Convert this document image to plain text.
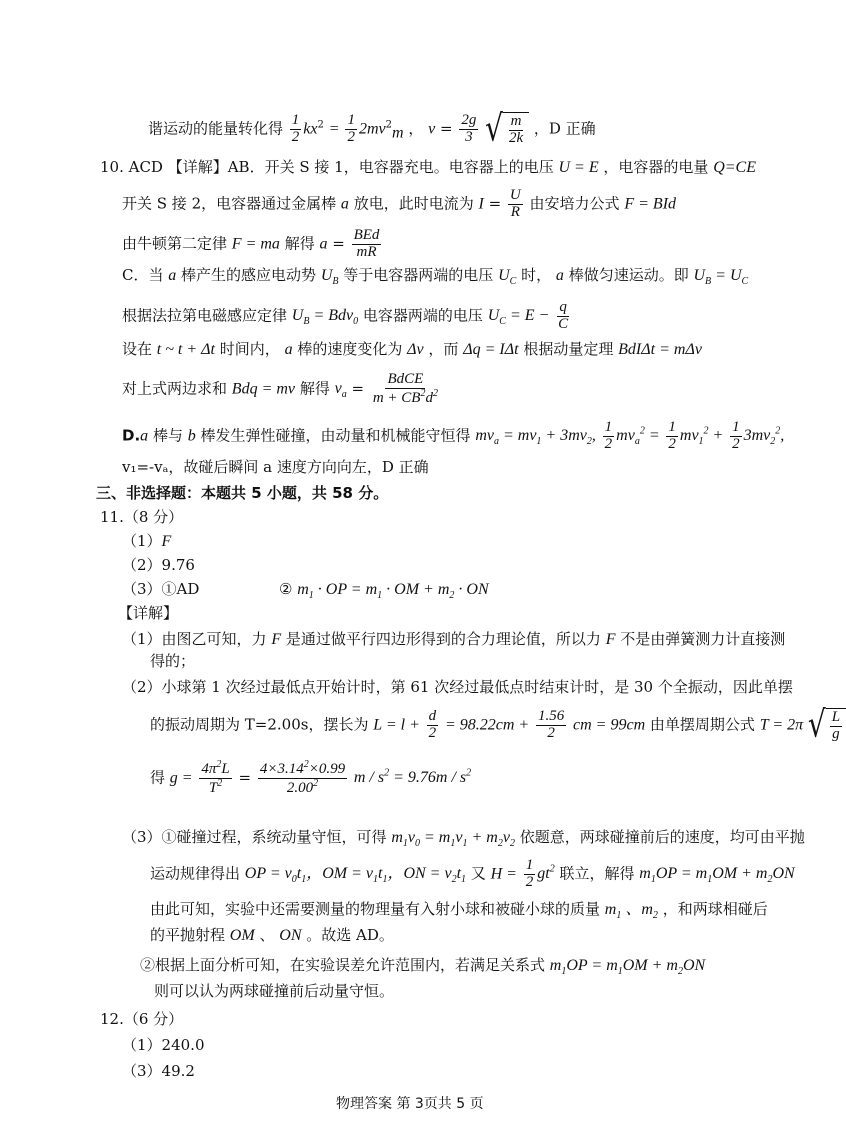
谐运动的能量转化得 $\frac{1}{2} kx^2 = \frac{1}{2} 2mv^2_m$ ， $v = \frac{2g}{3}$
√ $\frac{m}{2k}$ ，D 正确
10. ACD 【详解】AB．开关 S 接 1，电容器充电。电容器上的电压 U = E ，电容器的电量 Q=CE
开关 S 接 2，电容器通过金属棒 a 放电，此时电流为 $I = \frac{U}{R}$ 由安培力公式 F = BId
由牛顿第二定律 F = ma 解得 $a = \frac{\text{BEd}}{mR}$
C．当 a 棒产生的感应电动势 $U_B$ 等于电容器两端的电压 $U_C$ 时， a 棒做匀速运动。即 $U_B = U_C$
根据法拉第电磁感应定律 $U_B = Bdv_0$ 电容器两端的电压 $U_C = E - \frac{q}{C}$
设在 t ~ t + Δt 时间内， a 棒的速度变化为 Δv ，而 Δq = IΔt 根据动量定理 BdIΔt = mΔv
对上式两边求和 Bdq = mv 解得 $v_a = \frac{\text{BdCE}}{m + CB^2d^2}$
D.a 棒与 b 棒发生弹性碰撞，由动量和机械能守恒得 $mv_a = mv_1 + 3mv_2$, $\frac{1}{2} mv_a^2 = \frac{1}{2} mv_1^2 + \frac{1}{2} 3mv_2^2$,
v₁=-vₐ，故碰后瞬间 a 速度方向向左，D 正确
三、非选择题：本题共 5 小题，共 58 分。
11.（8 分）
（1）F
（2）9.76
（3）①AD	② $m_1$ · OP = $m_1$ · OM + $m_2$ · ON
【详解】
（1）由图乙可知，力 F 是通过做平行四边形得到的合力理论值，所以力 F 不是由弹簧测力计直接测
得的；
（2）小球第 1 次经过最低点开始计时，第 61 次经过最低点时结束计时，是 30 个全振动，因此单摆
的振动周期为 T=2.00s，摆长为 $L = l + \frac{d}{2} = 98.22cm + \frac{1.56}{2}$ cm = 99cm 由单摆周期公式 T = 2π √ $\frac{L}{g}$
得 $g = \frac{4\pi^2L}{T^2} = \frac{4\times 3.14^2\times 0.99}{2.00^2}$ $m / s^2 = 9.76m / s^2$
（3）①碰撞过程，系统动量守恒，可得 $m_1v_0 = m_1v_1 + m_2v_2$ 依题意，两球碰撞前后的速度，均可由平抛
运动规律得出 OP = $v_0t_1$，OM = $v_1t_1$，ON = $v_2t_1$ 又 $H = \frac{1}{2} gt^2$ 联立，解得 $m_1OP = m_1OM + m_2ON$
由此可知，实验中还需要测量的物理量有入射小球和被碰小球的质量 $m_1$ 、$m_2$ ，和两球相碰后
的平抛射程 OM 、 ON 。故选 AD。
②根据上面分析可知，在实验误差允许范围内，若满足关系式 $m_1OP = m_1OM + m_2ON$
则可以认为两球碰撞前后动量守恒。
12.（6 分）
（1）240.0
（3）49.2
物理答案 第 3页共 5 页
